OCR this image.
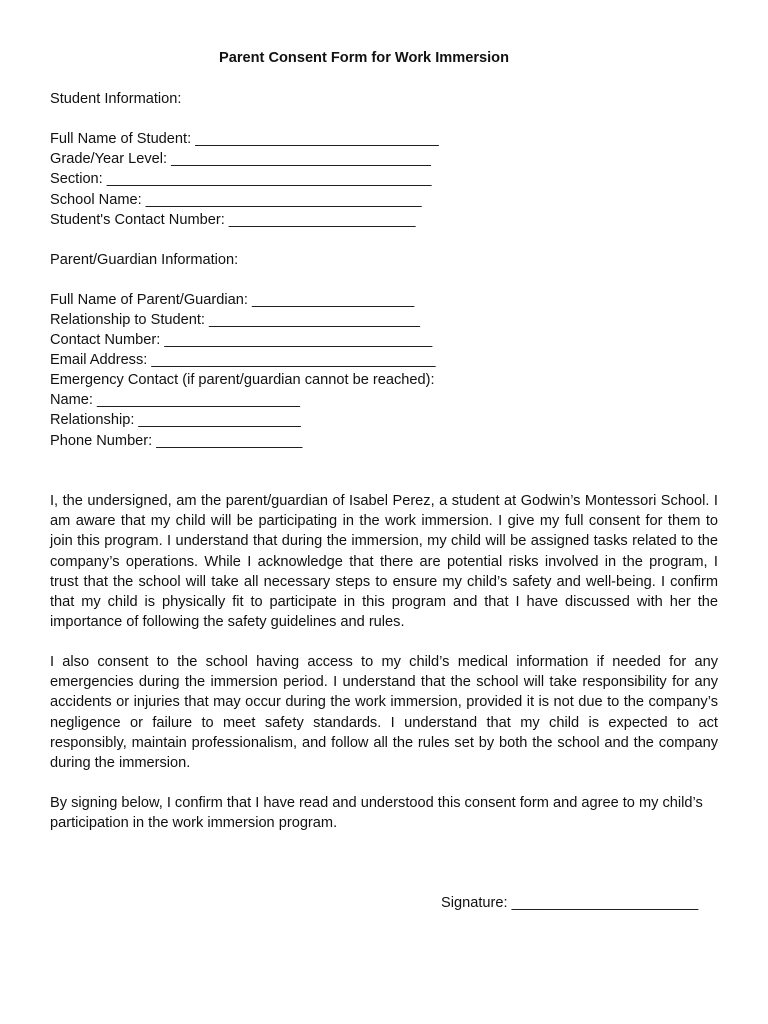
Parent Consent Form for Work Immersion
Student Information:
Full Name of Student: ______________________________
Grade/Year Level: ________________________________
Section: ________________________________________
School Name: __________________________________
Student's Contact Number: _______________________
Parent/Guardian Information:
Full Name of Parent/Guardian: ____________________
Relationship to Student: __________________________
Contact Number: _________________________________
Email Address: ___________________________________
Emergency Contact (if parent/guardian cannot be reached):
Name: _________________________
Relationship: ____________________
Phone Number: __________________
I, the undersigned, am the parent/guardian of Isabel Perez, a student at Godwin’s Montessori School. I am aware that my child will be participating in the work immersion. I give my full consent for them to join this program. I understand that during the immersion, my child will be assigned tasks related to the company’s operations. While I acknowledge that there are potential risks involved in the program, I trust that the school will take all necessary steps to ensure my child’s safety and well-being. I confirm that my child is physically fit to participate in this program and that I have discussed with her the importance of following the safety guidelines and rules.
I also consent to the school having access to my child’s medical information if needed for any emergencies during the immersion period. I understand that the school will take responsibility for any accidents or injuries that may occur during the work immersion, provided it is not due to the company’s negligence or failure to meet safety standards. I understand that my child is expected to act responsibly, maintain professionalism, and follow all the rules set by both the school and the company during the immersion.
By signing below, I confirm that I have read and understood this consent form and agree to my child’s participation in the work immersion program.
Signature: _______________________
